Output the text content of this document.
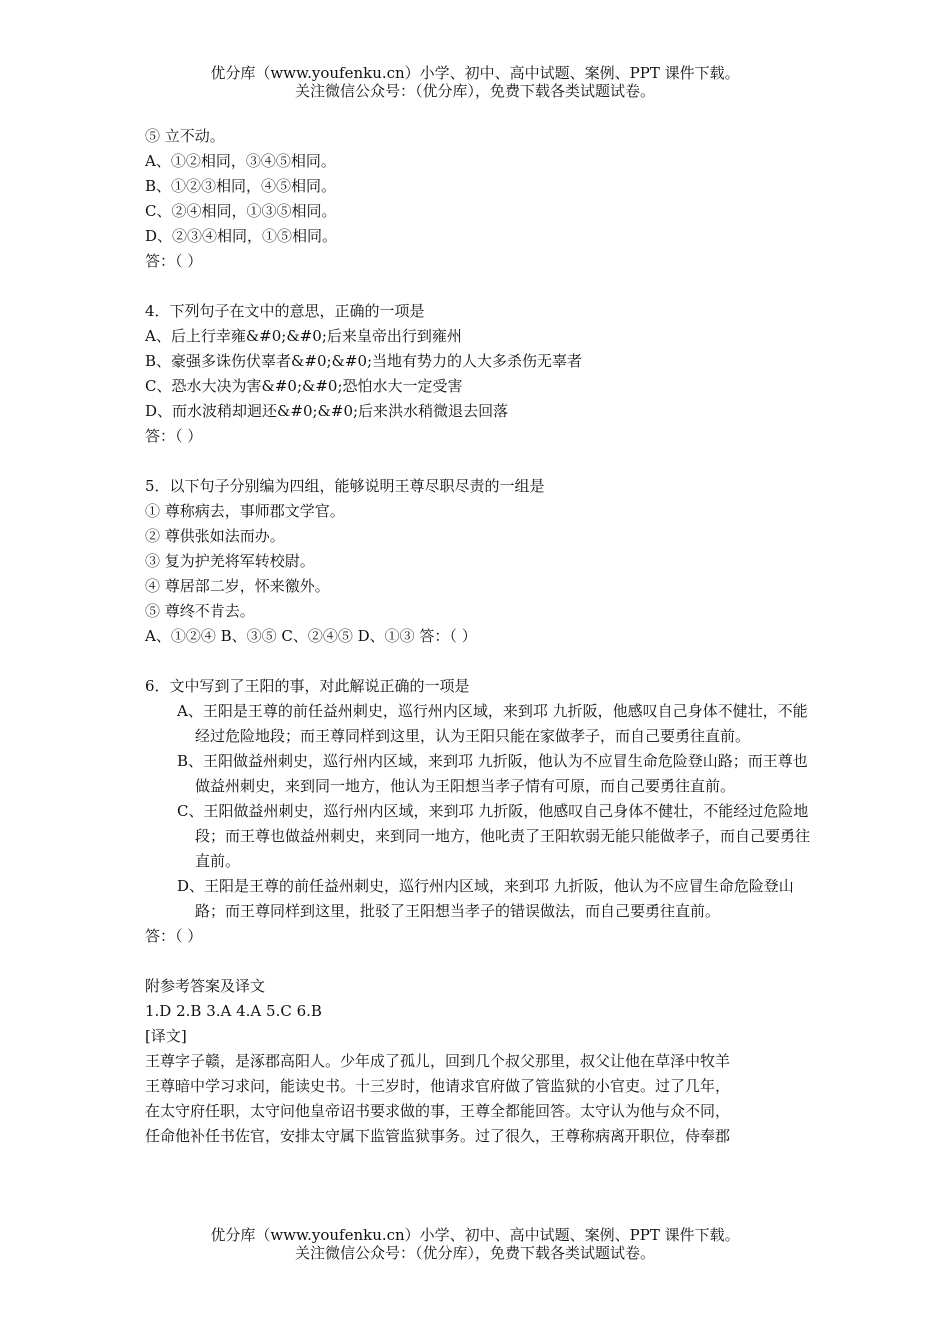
优分库（www.youfenku.cn）小学、初中、高中试题、案例、PPT 课件下载。
关注微信公众号：（优分库），免费下载各类试题试卷。
⑤ 立不动。
A、①②相同，③④⑤相同。
B、①②③相同，④⑤相同。
C、②④相同，①③⑤相同。
D、②③④相同，①⑤相同。
答：（ ）
4．下列句子在文中的意思，正确的一项是
A、后上行幸雍&#0;&#0;后来皇帝出行到雍州
B、豪强多诛伤伏辜者&#0;&#0;当地有势力的人大多杀伤无辜者
C、恐水大决为害&#0;&#0;恐怕水大一定受害
D、而水波稍却迴还&#0;&#0;后来洪水稍微退去回落
答：（ ）
5．以下句子分别编为四组，能够说明王尊尽职尽责的一组是
① 尊称病去，事师郡文学官。
② 尊供张如法而办。
③ 复为护羌将军转校尉。
④ 尊居部二岁，怀来徼外。
⑤ 尊终不肯去。
A、①②④ B、③⑤ C、②④⑤ D、①③ 答：（ ）
6．文中写到了王阳的事，对此解说正确的一项是
A、王阳是王尊的前任益州刺史，巡行州内区域，来到邛 九折阪，他感叹自己身体不健壮，不能经过危险地段；而王尊同样到这里，认为王阳只能在家做孝子，而自己要勇往直前。
B、王阳做益州刺史，巡行州内区域，来到邛 九折阪，他认为不应冒生命危险登山路；而王尊也做益州刺史，来到同一地方，他认为王阳想当孝子情有可原，而自己要勇往直前。
C、王阳做益州刺史，巡行州内区域，来到邛 九折阪，他感叹自己身体不健壮，不能经过危险地段；而王尊也做益州刺史，来到同一地方，他叱责了王阳软弱无能只能做孝子，而自己要勇往直前。
D、王阳是王尊的前任益州刺史，巡行州内区域，来到邛 九折阪，他认为不应冒生命危险登山路；而王尊同样到这里，批驳了王阳想当孝子的错误做法，而自己要勇往直前。
答：（ ）
附参考答案及译文
1.D 2.B 3.A 4.A 5.C 6.B
[译文]
王尊字子赣，是涿郡高阳人。少年成了孤儿，回到几个叔父那里，叔父让他在草泽中牧羊
王尊暗中学习求问，能读史书。十三岁时，他请求官府做了管监狱的小官吏。过了几年，
在太守府任职，太守问他皇帝诏书要求做的事，王尊全都能回答。太守认为他与众不同，
任命他补任书佐官，安排太守属下监管监狱事务。过了很久，王尊称病离开职位，侍奉郡
优分库（www.youfenku.cn）小学、初中、高中试题、案例、PPT 课件下载。
关注微信公众号：（优分库），免费下载各类试题试卷。
